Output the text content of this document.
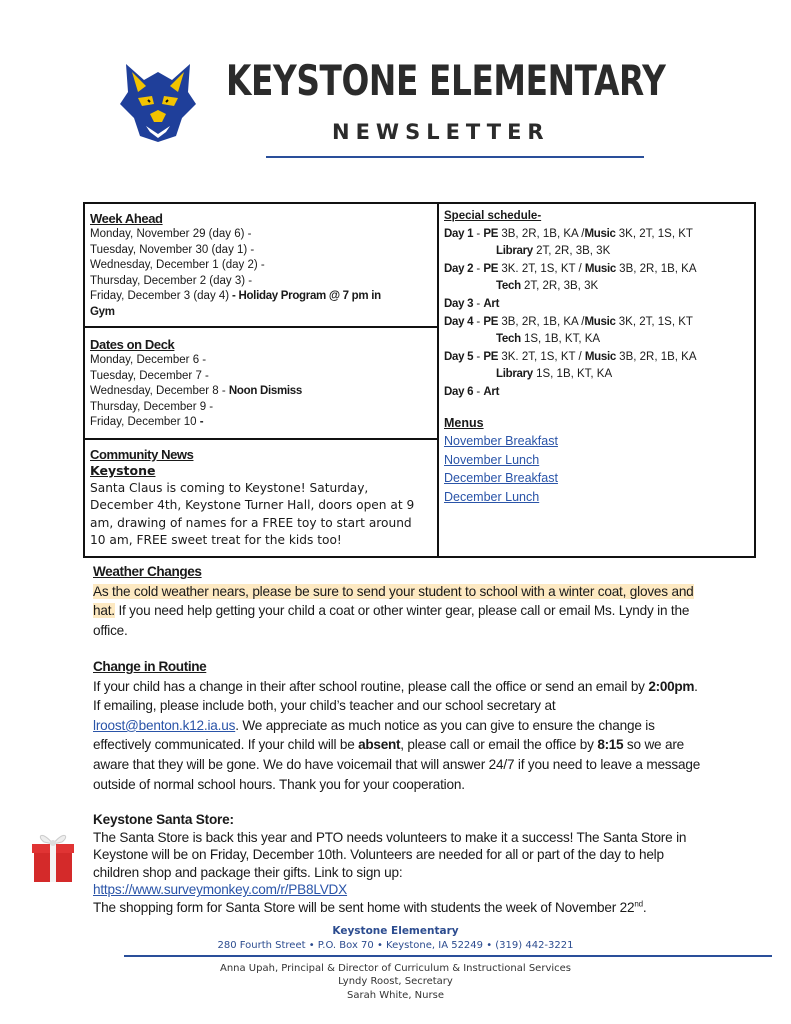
KEYSTONE ELEMENTARY
NEWSLETTER
Week Ahead
Monday, November 29 (day 6) -
Tuesday, November 30 (day 1) -
Wednesday, December 1 (day 2) -
Thursday, December 2 (day 3) -
Friday, December 3 (day 4) - Holiday Program @ 7 pm in
Gym
Dates on Deck
Monday, December 6 -
Tuesday, December 7 -
Wednesday, December 8 - Noon Dismiss
Thursday, December 9 -
Friday, December 10 -
Community News
Keystone
Santa Claus is coming to Keystone! Saturday, December 4th, Keystone Turner Hall, doors open at 9 am, drawing of names for a FREE toy to start around 10 am, FREE sweet treat for the kids too!
Special schedule-
Day 1 - PE 3B, 2R, 1B, KA /Music 3K, 2T, 1S, KT
Library 2T, 2R, 3B, 3K
Day 2 - PE 3K. 2T, 1S, KT / Music 3B, 2R, 1B, KA
Tech 2T, 2R, 3B, 3K
Day 3 - Art
Day 4 - PE 3B, 2R, 1B, KA /Music 3K, 2T, 1S, KT
Tech 1S, 1B, KT, KA
Day 5 - PE 3K. 2T, 1S, KT / Music 3B, 2R, 1B, KA
Library 1S, 1B, KT, KA
Day 6 - Art
Menus
November Breakfast
November Lunch
December Breakfast
December Lunch
Weather Changes
As the cold weather nears, please be sure to send your student to school with a winter coat, gloves and hat. If you need help getting your child a coat or other winter gear, please call or email Ms. Lyndy in the office.
Change in Routine
If your child has a change in their after school routine, please call the office or send an email by 2:00pm. If emailing, please include both, your child’s teacher and our school secretary at lroost@benton.k12.ia.us. We appreciate as much notice as you can give to ensure the change is effectively communicated. If your child will be absent, please call or email the office by 8:15 so we are aware that they will be gone. We do have voicemail that will answer 24/7 if you need to leave a message outside of normal school hours. Thank you for your cooperation.
Keystone Santa Store:
The Santa Store is back this year and PTO needs volunteers to make it a success! The Santa Store in Keystone will be on Friday, December 10th. Volunteers are needed for all or part of the day to help children shop and package their gifts. Link to sign up:
https://www.surveymonkey.com/r/PB8LVDX
The shopping form for Santa Store will be sent home with students the week of November 22nd.
Keystone Elementary
280 Fourth Street • P.O. Box 70 • Keystone, IA 52249 • (319) 442-3221
Anna Upah, Principal & Director of Curriculum & Instructional Services
Lyndy Roost, Secretary
Sarah White, Nurse
